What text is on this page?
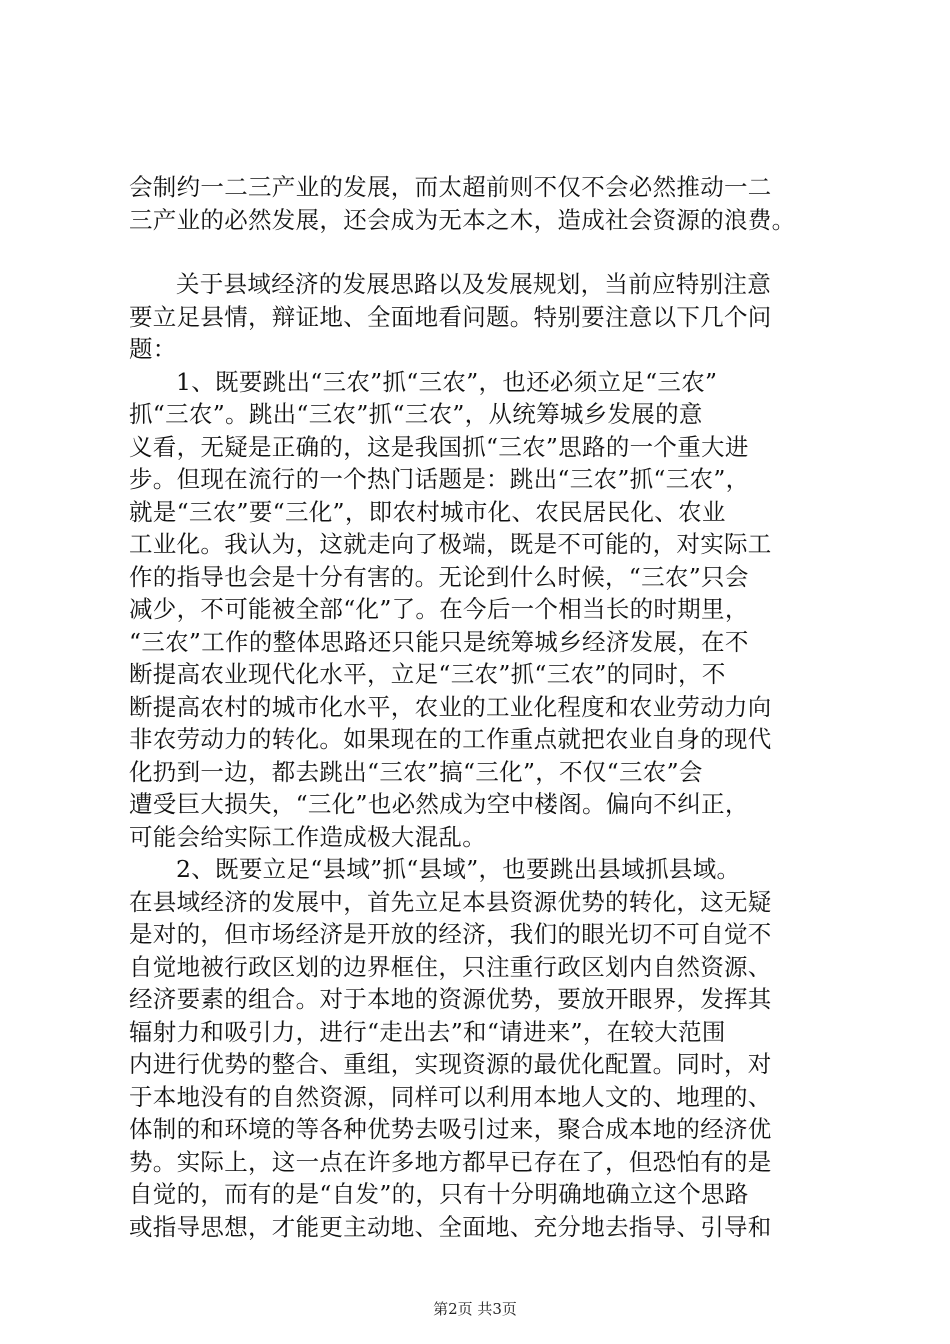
会制约一二三产业的发展，而太超前则不仅不会必然推动一二
三产业的必然发展，还会成为无本之木，造成社会资源的浪费。
关于县域经济的发展思路以及发展规划，当前应特别注意
要立足县情，辩证地、全面地看问题。特别要注意以下几个问
题：
1、既要跳出“三农”抓“三农”，也还必须立足“三农”
抓“三农”。跳出“三农”抓“三农”，从统筹城乡发展的意
义看，无疑是正确的，这是我国抓“三农”思路的一个重大进
步。但现在流行的一个热门话题是：跳出“三农”抓“三农”，
就是“三农”要“三化”，即农村城市化、农民居民化、农业
工业化。我认为，这就走向了极端，既是不可能的，对实际工
作的指导也会是十分有害的。无论到什么时候，“三农”只会
减少，不可能被全部“化”了。在今后一个相当长的时期里，
“三农”工作的整体思路还只能只是统筹城乡经济发展，在不
断提高农业现代化水平，立足“三农”抓“三农”的同时，不
断提高农村的城市化水平，农业的工业化程度和农业劳动力向
非农劳动力的转化。如果现在的工作重点就把农业自身的现代
化扔到一边，都去跳出“三农”搞“三化”，不仅“三农”会
遭受巨大损失，“三化”也必然成为空中楼阁。偏向不纠正，
可能会给实际工作造成极大混乱。
2、既要立足“县域”抓“县域”，也要跳出县域抓县域。
在县域经济的发展中，首先立足本县资源优势的转化，这无疑
是对的，但市场经济是开放的经济，我们的眼光切不可自觉不
自觉地被行政区划的边界框住，只注重行政区划内自然资源、
经济要素的组合。对于本地的资源优势，要放开眼界，发挥其
辐射力和吸引力，进行“走出去”和“请进来”，在较大范围
内进行优势的整合、重组，实现资源的最优化配置。同时，对
于本地没有的自然资源，同样可以利用本地人文的、地理的、
体制的和环境的等各种优势去吸引过来，聚合成本地的经济优
势。实际上，这一点在许多地方都早已存在了，但恐怕有的是
自觉的，而有的是“自发”的，只有十分明确地确立这个思路
或指导思想，才能更主动地、全面地、充分地去指导、引导和
第2页 共3页
